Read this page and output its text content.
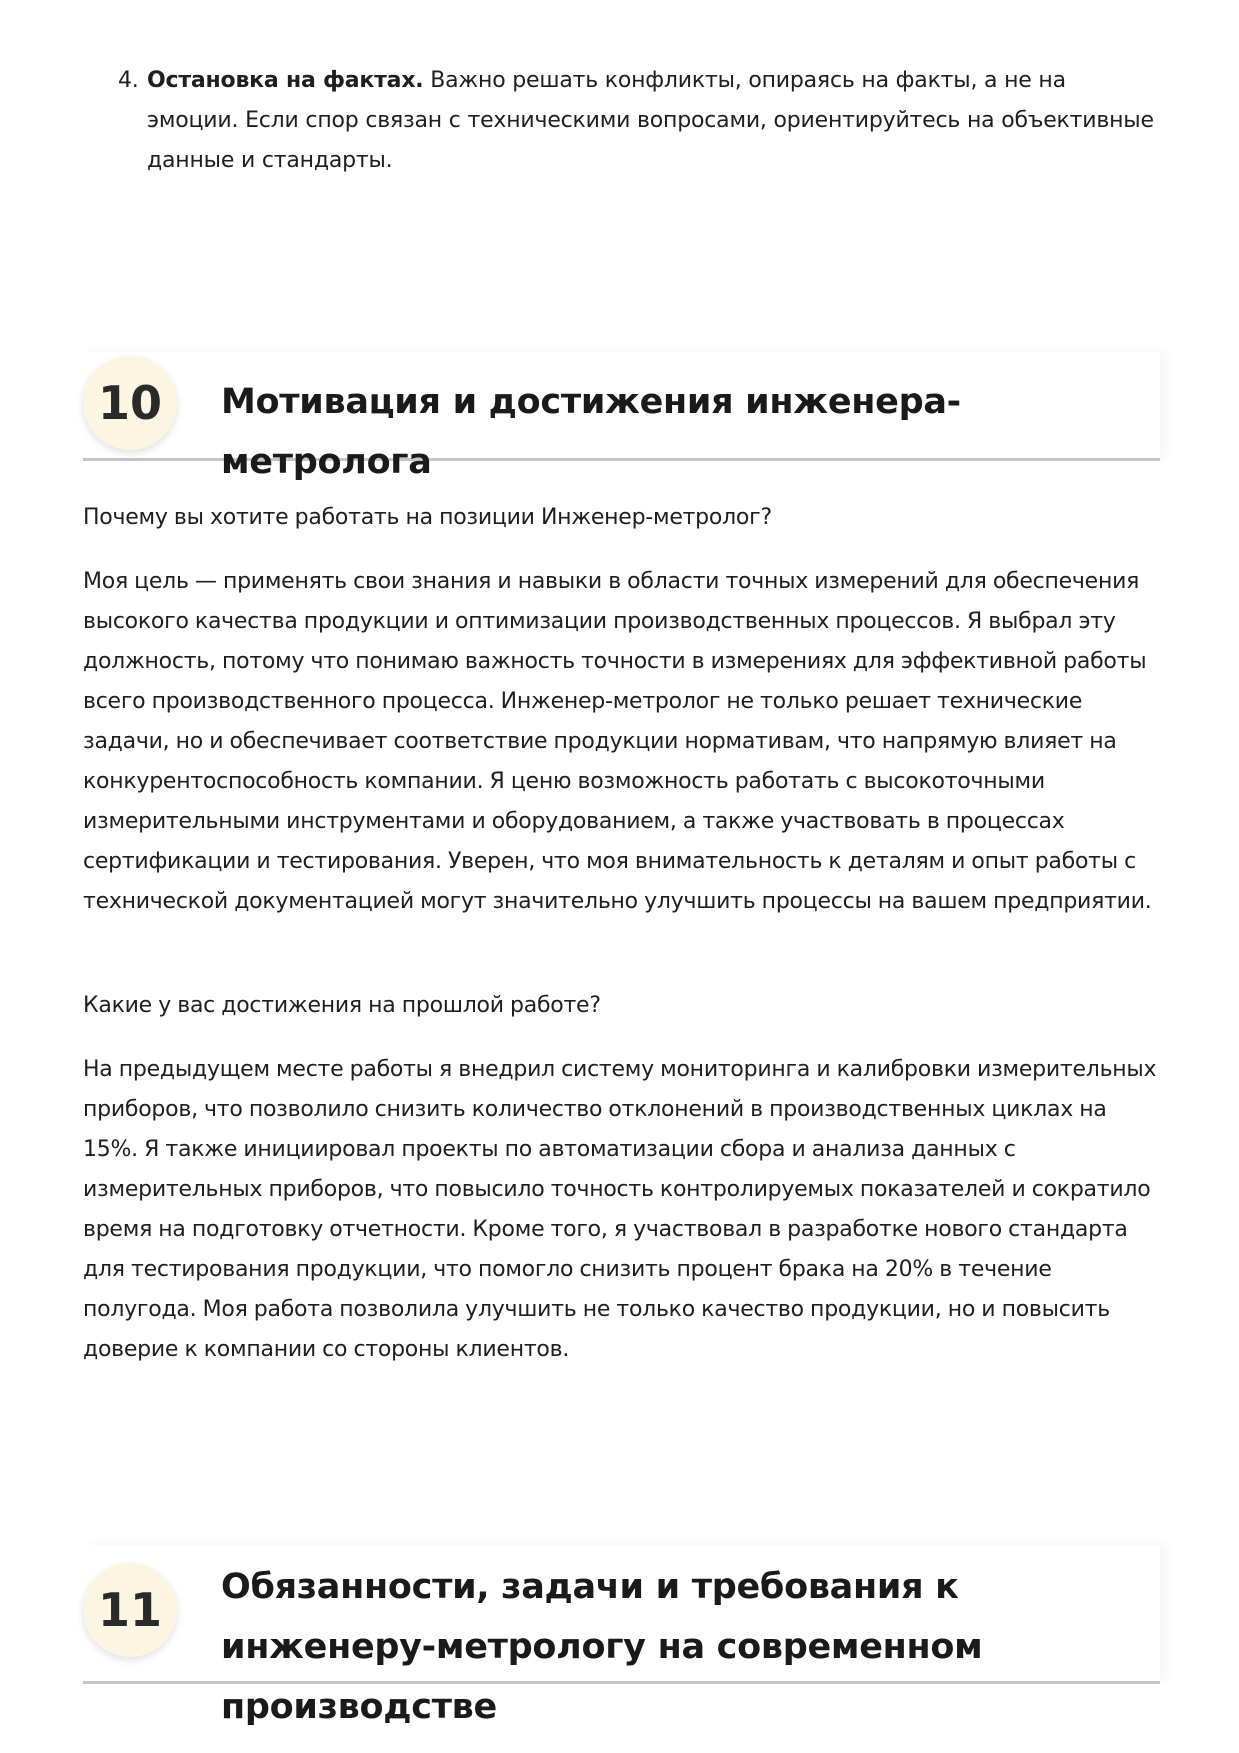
4. Остановка на фактах. Важно решать конфликты, опираясь на факты, а не на эмоции. Если спор связан с техническими вопросами, ориентируйтесь на объективные данные и стандарты.
10	Мотивация и достижения инженера-метролога

Почему вы хотите работать на позиции Инженер-метролог?

Моя цель — применять свои знания и навыки в области точных измерений для обеспечения высокого качества продукции и оптимизации производственных процессов. Я выбрал эту должность, потому что понимаю важность точности в измерениях для эффективной работы всего производственного процесса. Инженер-метролог не только решает технические задачи, но и обеспечивает соответствие продукции нормативам, что напрямую влияет на конкурентоспособность компании. Я ценю возможность работать с высокоточными измерительными инструментами и оборудованием, а также участвовать в процессах сертификации и тестирования. Уверен, что моя внимательность к деталям и опыт работы с технической документацией могут значительно улучшить процессы на вашем предприятии.

Какие у вас достижения на прошлой работе?

На предыдущем месте работы я внедрил систему мониторинга и калибровки измерительных приборов, что позволило снизить количество отклонений в производственных циклах на 15%. Я также инициировал проекты по автоматизации сбора и анализа данных с измерительных приборов, что повысило точность контролируемых показателей и сократило время на подготовку отчетности. Кроме того, я участвовал в разработке нового стандарта для тестирования продукции, что помогло снизить процент брака на 20% в течение полугода. Моя работа позволила улучшить не только качество продукции, но и повысить доверие к компании со стороны клиентов.

11	Обязанности, задачи и требования к инженеру-метрологу на современном производстве
